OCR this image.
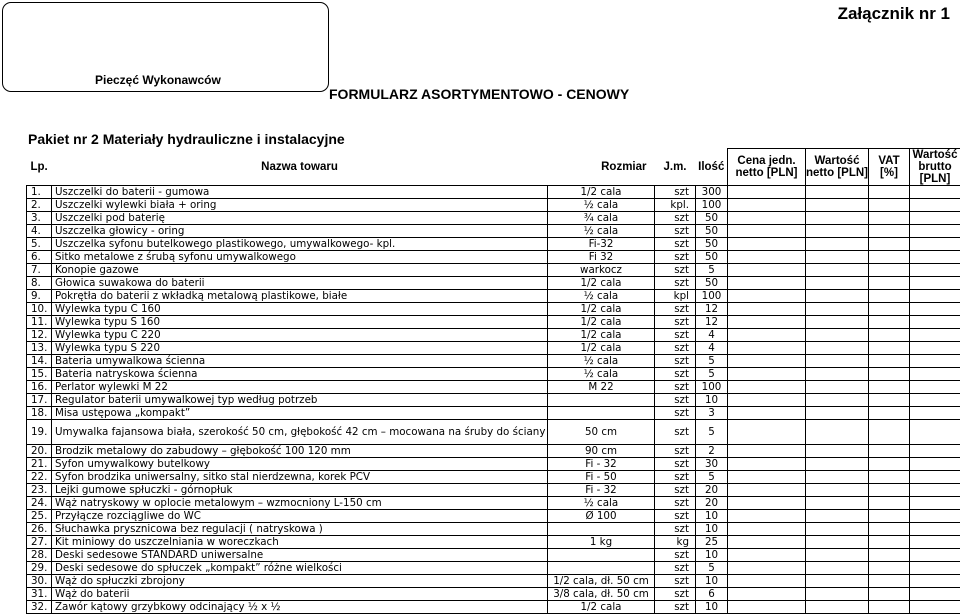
Załącznik nr 1
Pieczęć Wykonawców
FORMULARZ ASORTYMENTOWO - CENOWY
Pakiet nr 2 Materiały hydrauliczne i instalacyjne
Lp.	Nazwa towaru	Rozmiar	J.m.	Ilość	Cena jedn. netto [PLN]	Wartość netto [PLN]	VAT [%]	Wartość brutto [PLN]
1.	Uszczelki do baterii - gumowa	1/2 cala	szt	300				
2.	Uszczelki wylewki biała + oring	½ cala	kpl.	100				
3.	Uszczelki pod baterię	¾ cala	szt	50				
4.	Uszczelka głowicy - oring	½ cala	szt	50				
5.	Uszczelka syfonu butelkowego plastikowego, umywalkowego- kpl.	Fi-32	szt	50				
6.	Sitko metalowe z śrubą syfonu umywalkowego	Fi 32	szt	50				
7.	Konopie gazowe	warkocz	szt	5				
8.	Głowica suwakowa do baterii	1/2 cala	szt	50				
9.	Pokrętła do baterii z wkładką metalową plastikowe, białe	½ cala	kpl	100				
10.	Wylewka typu C 160	1/2 cala	szt	12				
11.	Wylewka typu S 160	1/2 cala	szt	12				
12.	Wylewka typu C 220	1/2 cala	szt	4				
13.	Wylewka typu S 220	1/2 cala	szt	4				
14.	Bateria umywalkowa ścienna	½ cala	szt	5				
15.	Bateria natryskowa ścienna	½ cala	szt	5				
16.	Perlator wylewki M 22	M 22	szt	100				
17.	Regulator baterii umywalkowej typ według potrzeb		szt	10				
18.	Misa ustępowa „kompakt”		szt	3				
19.	Umywalka fajansowa biała, szerokość 50 cm, głębokość 42 cm – mocowana na śruby do ściany	50 cm	szt	5				
20.	Brodzik metalowy do zabudowy – głębokość 100 120 mm	90 cm	szt	2				
21.	Syfon umywalkowy butelkowy	Fi - 32	szt	30				
22.	Syfon brodzika uniwersalny, sitko stal nierdzewna, korek PCV	Fi - 50	szt	5				
23.	Lejki gumowe spłuczki - górnopłuk	Fi - 32	szt	20				
24.	Wąż natryskowy w oplocie metalowym – wzmocniony L-150 cm	½ cala	szt	20				
25.	Przyłącze rozciągliwe do WC	Ø 100	szt	10				
26.	Słuchawka prysznicowa bez regulacji ( natryskowa )		szt	10				
27.	Kit miniowy do uszczelniania w woreczkach	1 kg	kg	25				
28.	Deski sedesowe STANDARD uniwersalne		szt	10				
29.	Deski sedesowe do spłuczek „kompakt” różne wielkości		szt	5				
30.	Wąż do spłuczki zbrojony	1/2 cala, dł. 50 cm	szt	10				
31.	Wąż do baterii	3/8 cala, dł. 50 cm	szt	6				
32.	Zawór kątowy grzybkowy odcinający ½ x ½	1/2 cala	szt	10				
